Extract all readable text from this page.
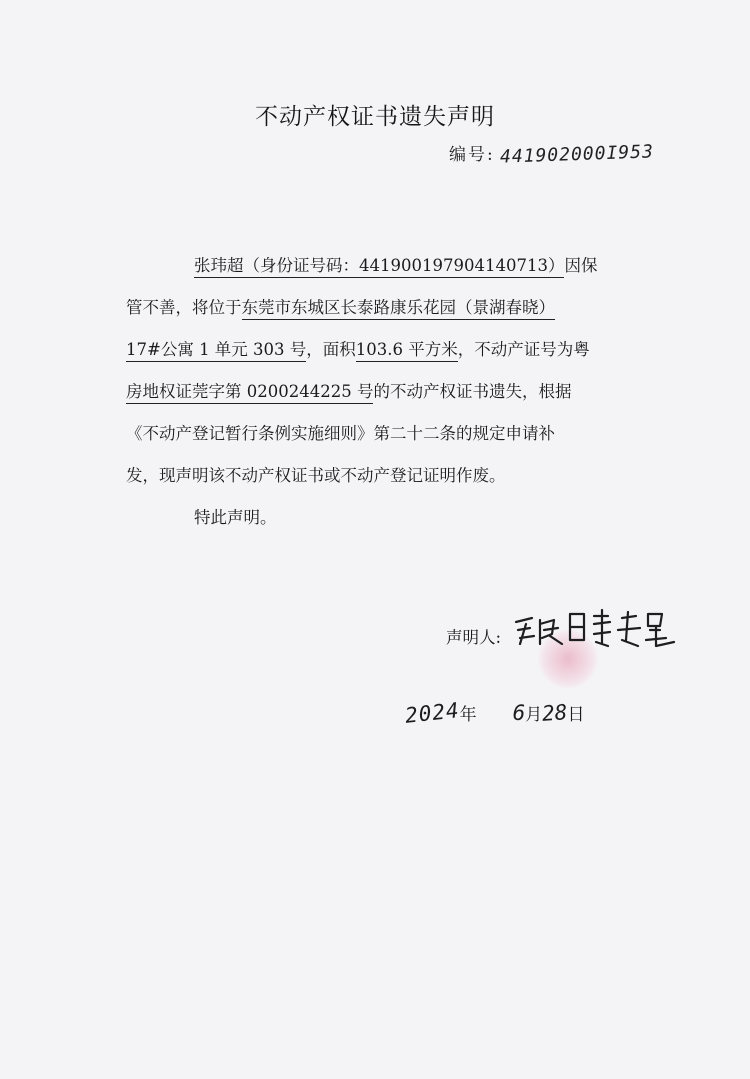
不动产权证书遗失声明
编号: 441902000I953
张玮超（身份证号码：441900197904140713）因保
管不善，将位于东莞市东城区长泰路康乐花园（景湖春晓）
17#公寓 1 单元 303 号，面积103.6 平方米，不动产证号为粤
房地权证莞字第 0200244225 号的不动产权证书遗失，根据
《不动产登记暂行条例实施细则》第二十二条的规定申请补
发，现声明该不动产权证书或不动产登记证明作废。
特此声明。
声明人:
2024年 6月28日
